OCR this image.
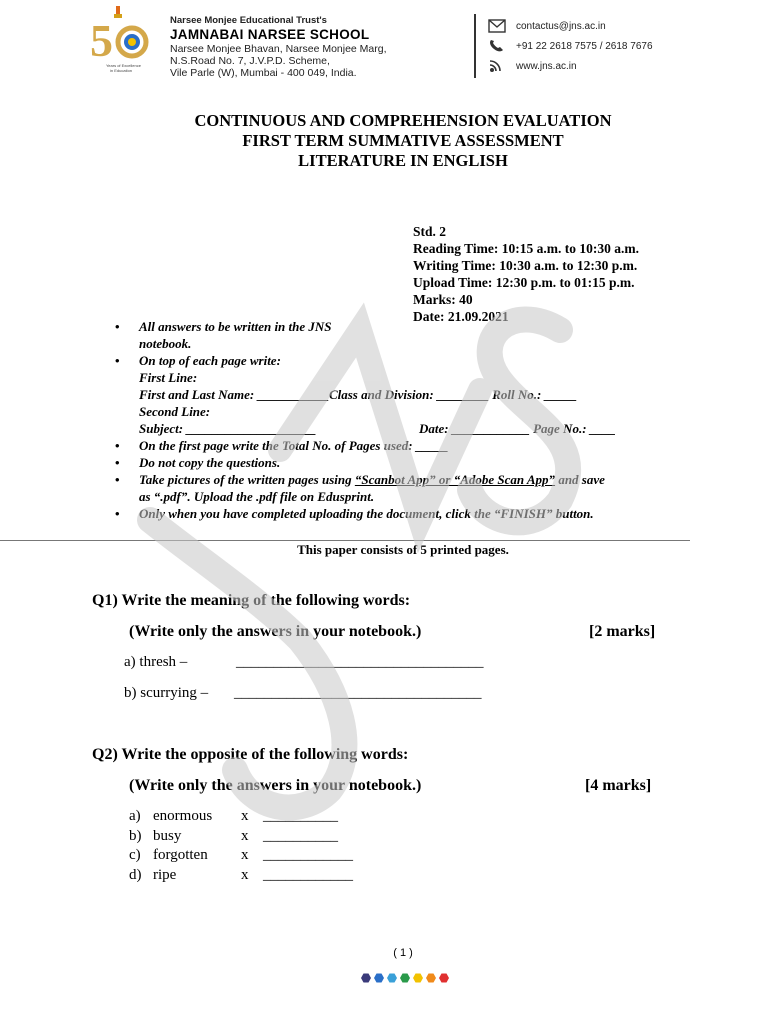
5
Years of Excellence
in Education
Narsee Monjee Educational Trust's
JAMNABAI NARSEE SCHOOL
Narsee Monjee Bhavan, Narsee Monjee Marg,
N.S.Road No. 7, J.V.P.D. Scheme,
Vile Parle (W), Mumbai - 400 049, India.
contactus@jns.ac.in
+91 22 2618 7575 / 2618 7676
www.jns.ac.in
CONTINUOUS AND COMPREHENSION EVALUATION
FIRST TERM SUMMATIVE ASSESSMENT
LITERATURE IN ENGLISH
Std. 2
Reading Time: 10:15 a.m. to 10:30 a.m.
Writing Time: 10:30 a.m. to 12:30 p.m.
Upload Time: 12:30 p.m. to 01:15 p.m.
Marks: 40
Date: 21.09.2021
• All answers to be written in the JNS
notebook.
• On top of each page write:
First Line:
First and Last Name: ___________Class and Division: ________ Roll No.: _____
Second Line:
Subject: ____________________	Date: ____________ Page No.: ____
• On the first page write the Total No. of Pages used: _____
• Do not copy the questions.
• Take pictures of the written pages using “Scanbot App” or “Adobe Scan App” and save
as “.pdf”. Upload the .pdf file on Edusprint.
• Only when you have completed uploading the document, click the “FINISH” button.
This paper consists of 5 printed pages.
Q1) Write the meaning of the following words:
(Write only the answers in your notebook.)	[2 marks]
a) thresh –	_________________________________
b) scurrying – _________________________________
Q2) Write the opposite of the following words:
(Write only the answers in your notebook.)	[4 marks]
a) enormous	x __________
b) busy	x __________
c) forgotten	x ____________
d) ripe	x ____________
( 1 )
